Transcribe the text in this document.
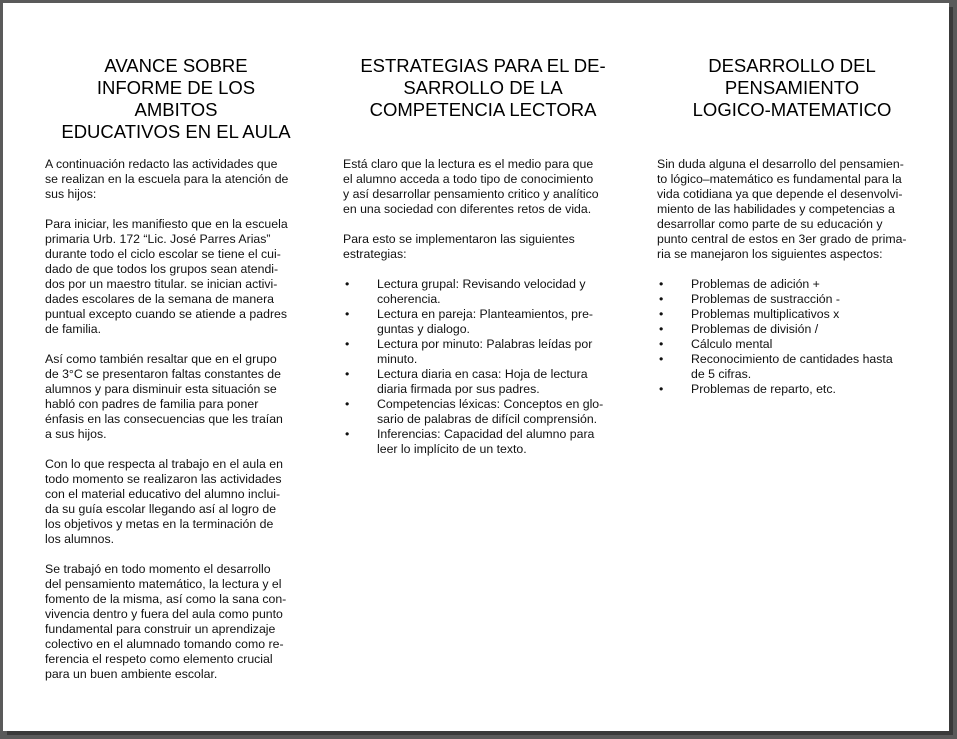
AVANCE SOBRE
INFORME DE LOS
AMBITOS
EDUCATIVOS EN EL AULA

A continuación redacto las actividades que
se realizan en la escuela para la atención de
sus hijos:

Para iniciar, les manifiesto que en la escuela
primaria Urb. 172 “Lic. José Parres Arias”
durante todo el ciclo escolar se tiene el cui-
dado de que todos los grupos sean atendi-
dos por un maestro titular. se inician activi-
dades escolares de la semana de manera
puntual excepto cuando se atiende a padres
de familia.

Así como también resaltar que en el grupo
de 3°C se presentaron faltas constantes de
alumnos y para disminuir esta situación se
habló con padres de familia para poner
énfasis en las consecuencias que les traían
a sus hijos.

Con lo que respecta al trabajo en el aula en
todo momento se realizaron las actividades
con el material educativo del alumno inclui-
da su guía escolar llegando así al logro de
los objetivos y metas en la terminación de
los alumnos.

Se trabajó en todo momento el desarrollo
del pensamiento matemático, la lectura y el
fomento de la misma, así como la sana con-
vivencia dentro y fuera del aula como punto
fundamental para construir un aprendizaje
colectivo en el alumnado tomando como re-
ferencia el respeto como elemento crucial
para un buen ambiente escolar.

ESTRATEGIAS PARA EL DE-
SARROLLO DE LA
COMPETENCIA LECTORA

Está claro que la lectura es el medio para que
el alumno acceda a todo tipo de conocimiento
y así desarrollar pensamiento critico y analítico
en una sociedad con diferentes retos de vida.

Para esto se implementaron las siguientes
estrategias:

• Lectura grupal: Revisando velocidad y
coherencia.
• Lectura en pareja: Planteamientos, pre-
guntas y dialogo.
• Lectura por minuto: Palabras leídas por
minuto.
• Lectura diaria en casa: Hoja de lectura
diaria firmada por sus padres.
• Competencias léxicas: Conceptos en glo-
sario de palabras de difícil comprensión.
• Inferencias: Capacidad del alumno para
leer lo implícito de un texto.
DESARROLLO DEL
PENSAMIENTO
LOGICO-MATEMATICO

Sin duda alguna el desarrollo del pensamien-
to lógico–matemático es fundamental para la
vida cotidiana ya que depende el desenvolvi-
miento de las habilidades y competencias a
desarrollar como parte de su educación y
punto central de estos en 3er grado de prima-
ria se manejaron los siguientes aspectos:

• Problemas de adición +
• Problemas de sustracción -
• Problemas multiplicativos x
• Problemas de división /
• Cálculo mental
• Reconocimiento de cantidades hasta
de 5 cifras.
• Problemas de reparto, etc.
